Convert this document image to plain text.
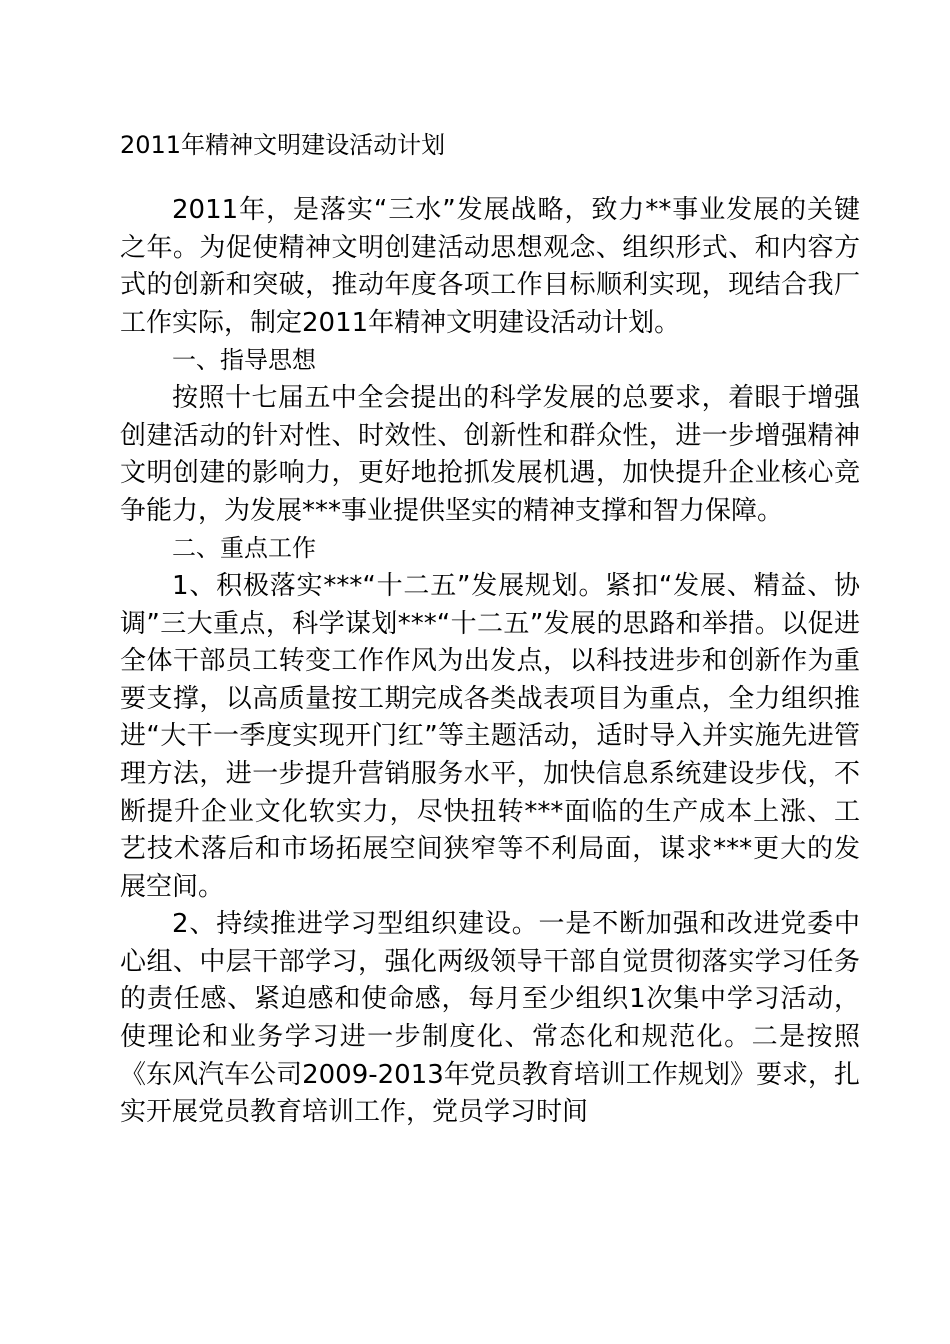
2011年精神文明建设活动计划

2011年，是落实“三水”发展战略，致力**事业发展的关键之年。为促使精神文明创建活动思想观念、组织形式、和内容方式的创新和突破，推动年度各项工作目标顺利实现，现结合我厂工作实际，制定2011年精神文明建设活动计划。

一、指导思想

按照十七届五中全会提出的科学发展的总要求，着眼于增强创建活动的针对性、时效性、创新性和群众性，进一步增强精神文明创建的影响力，更好地抢抓发展机遇，加快提升企业核心竞争能力，为发展***事业提供坚实的精神支撑和智力保障。

二、重点工作

1、积极落实***“十二五”发展规划。紧扣“发展、精益、协调”三大重点，科学谋划***“十二五”发展的思路和举措。以促进全体干部员工转变工作作风为出发点，以科技进步和创新作为重要支撑，以高质量按工期完成各类战表项目为重点，全力组织推进“大干一季度实现开门红”等主题活动，适时导入并实施先进管理方法，进一步提升营销服务水平，加快信息系统建设步伐，不断提升企业文化软实力，尽快扭转***面临的生产成本上涨、工艺技术落后和市场拓展空间狭窄等不利局面，谋求***更大的发展空间。

2、持续推进学习型组织建设。一是不断加强和改进党委中心组、中层干部学习，强化两级领导干部自觉贯彻落实学习任务的责任感、紧迫感和使命感，每月至少组织1次集中学习活动，使理论和业务学习进一步制度化、常态化和规范化。二是按照《东风汽车公司2009-2013年党员教育培训工作规划》要求，扎实开展党员教育培训工作，党员学习时间
